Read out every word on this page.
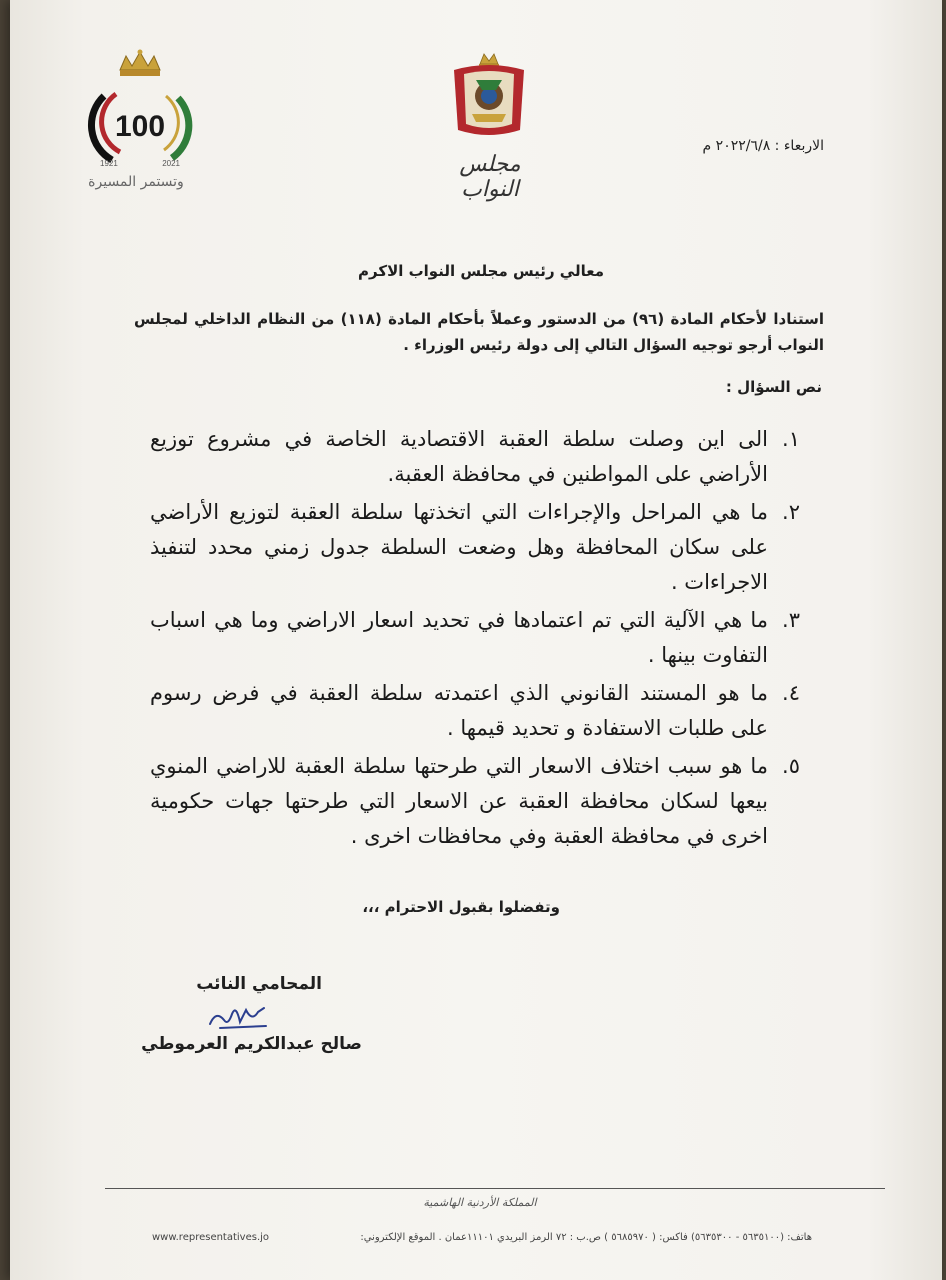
100
1921	2021
وتستمر المسيرة
مجلس النواب
الاربعاء : ٢٠٢٢/٦/٨ م
معالي رئيس مجلس النواب الاكرم
استنادا لأحكام المادة (٩٦) من الدستور وعملاً بأحكام المادة (١١٨) من النظام الداخلي لمجلس النواب أرجو توجيه السؤال التالي إلى دولة رئيس الوزراء .
نص السؤال :
١.
الى اين وصلت سلطة العقبة الاقتصادية الخاصة في مشروع توزيع الأراضي على المواطنين في محافظة العقبة.
٢.
ما هي المراحل والإجراءات التي اتخذتها سلطة العقبة لتوزيع الأراضي على سكان المحافظة وهل وضعت السلطة جدول زمني محدد لتنفيذ الاجراءات .
٣.
ما هي الآلية التي تم اعتمادها في تحديد اسعار الاراضي وما هي اسباب التفاوت بينها .
٤.
ما هو المستند القانوني الذي اعتمدته سلطة العقبة في فرض رسوم على طلبات الاستفادة و تحديد قيمها .
٥.
ما هو سبب اختلاف الاسعار التي طرحتها سلطة العقبة للاراضي المنوي بيعها لسكان محافظة العقبة عن الاسعار التي طرحتها جهات حكومية اخرى في محافظة العقبة وفي محافظات اخرى .
وتفضلوا بقبول الاحترام ،،،
المحامي النائب
صالح عبدالكريم العرموطي
المملكة الأردنية الهاشمية
هاتف: (٥٦٣٥١٠٠ - ٥٦٣٥٣٠٠) فاكس: ( ٥٦٨٥٩٧٠ ) ص.ب : ٧٢ الرمز البريدي ١١١٠١عمان . الموقع الإلكتروني:
www.representatives.jo
